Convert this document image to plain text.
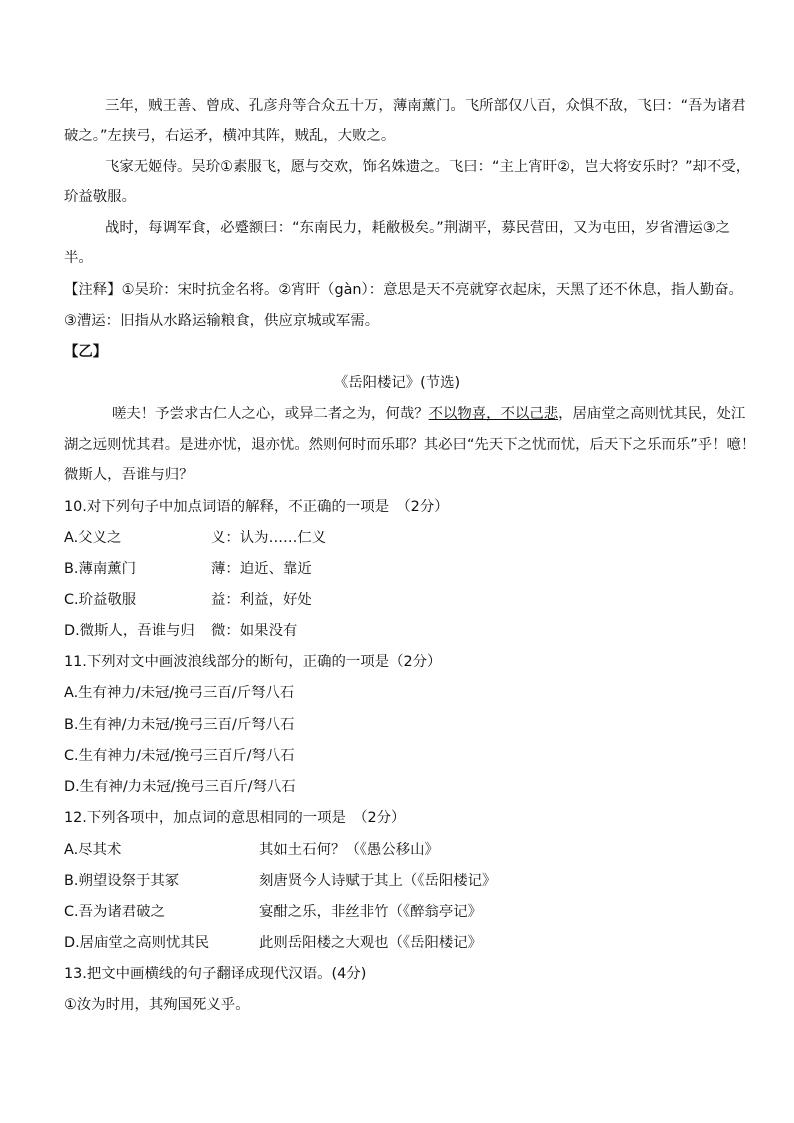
三年，贼王善、曾成、孔彦舟等合众五十万，薄南薰门。飞所部仅八百，众惧不敌，飞曰：“吾为诸君

破之。”左挟弓，右运矛，横冲其阵，贼乱，大败之。

飞家无姬侍。吴玠①素服飞，愿与交欢，饰名姝遗之。飞曰：“主上宵旰②，岂大将安乐时？”却不受，

玠益敬服。

战时，每调军食，必蹙额曰：“东南民力，耗敝极矣。”荆湖平，募民营田，又为屯田，岁省漕运③之

半。

【注释】①吴玠：宋时抗金名将。②宵旰（gàn）：意思是天不亮就穿衣起床，天黑了还不休息，指人勤奋。

③漕运：旧指从水路运输粮食，供应京城或军需。

【乙】

《岳阳楼记》(节选)

嗟夫！予尝求古仁人之心，或异二者之为，何哉？不以物喜，不以己悲，居庙堂之高则忧其民，处江

湖之远则忧其君。是进亦忧，退亦忧。然则何时而乐耶？其必曰“先天下之忧而忧，后天下之乐而乐”乎！噫！

微斯人，吾谁与归？

10.对下列句子中加点词语的解释，不正确的一项是　（2分）

A.父义之	义：认为……仁义

B.薄南薰门	薄：迫近、靠近

C.玠益敬服	益：利益，好处

D.微斯人，吾谁与归 微：如果没有

11.下列对文中画波浪线部分的断句，正确的一项是（2分）

A.生有神力/未冠/挽弓三百/斤弩八石

B.生有神/力未冠/挽弓三百/斤弩八石

C.生有神力/未冠/挽弓三百斤/弩八石

D.生有神/力未冠/挽弓三百斤/弩八石

12.下列各项中，加点词的意思相同的一项是　（2分）

A.尽其术	其如土石何？（《愚公移山》

B.朔望设祭于其冢	刻唐贤今人诗赋于其上（《岳阳楼记》

C.吾为诸君破之	宴酣之乐，非丝非竹（《醉翁亭记》

D.居庙堂之高则忧其民	此则岳阳楼之大观也（《岳阳楼记》

13.把文中画横线的句子翻译成现代汉语。(4分)

①汝为时用，其殉国死义乎。
